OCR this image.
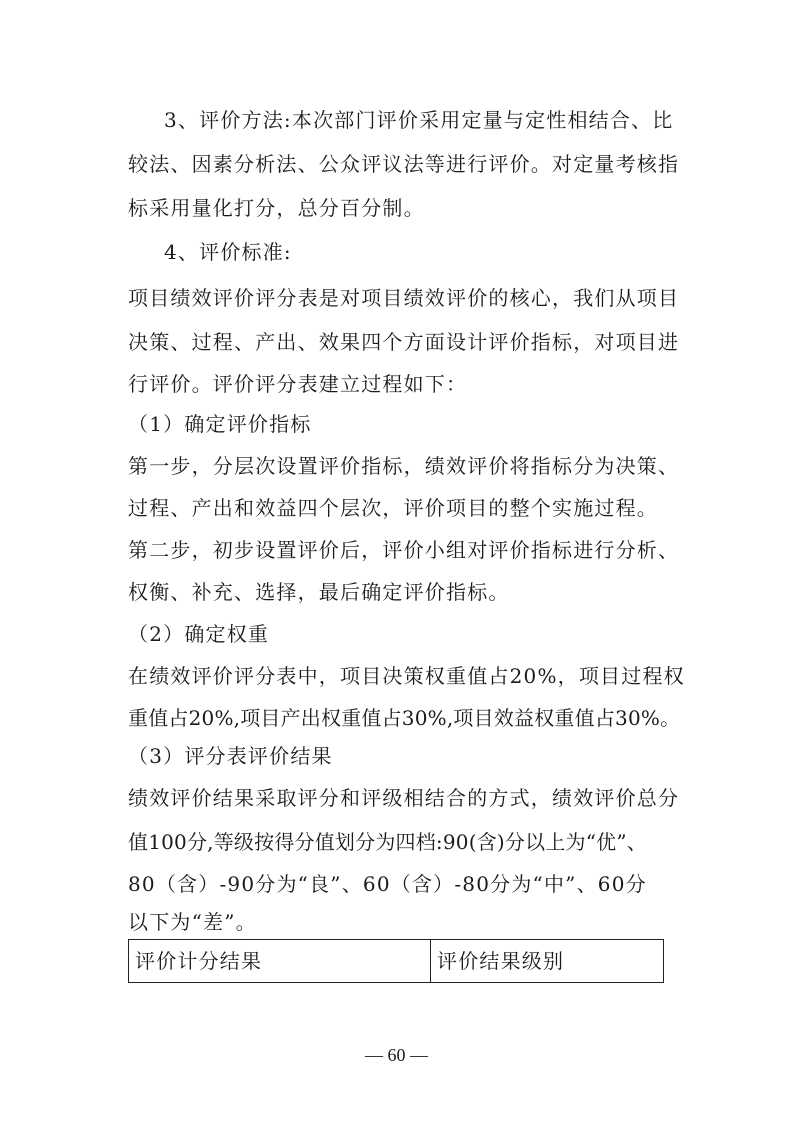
3、评价方法:本次部门评价采用定量与定性相结合、比
较法、因素分析法、公众评议法等进行评价。对定量考核指
标采用量化打分，总分百分制。
4、评价标准:
项目绩效评价评分表是对项目绩效评价的核心，我们从项目
决策、过程、产出、效果四个方面设计评价指标，对项目进
行评价。评价评分表建立过程如下：
（1）确定评价指标
第一步，分层次设置评价指标，绩效评价将指标分为决策、
过程、产出和效益四个层次，评价项目的整个实施过程。
第二步，初步设置评价后，评价小组对评价指标进行分析、
权衡、补充、选择，最后确定评价指标。
（2）确定权重
在绩效评价评分表中，项目决策权重值占20%，项目过程权
重值占20%,项目产出权重值占30%,项目效益权重值占30%。
（3）评分表评价结果
绩效评价结果采取评分和评级相结合的方式，绩效评价总分
值100分,等级按得分值划分为四档:90(含)分以上为“优”、
80（含）-90分为“良”、60（含）-80分为“中”、60分
以下为“差”。
评价计分结果	评价结果级别
— 60 —
